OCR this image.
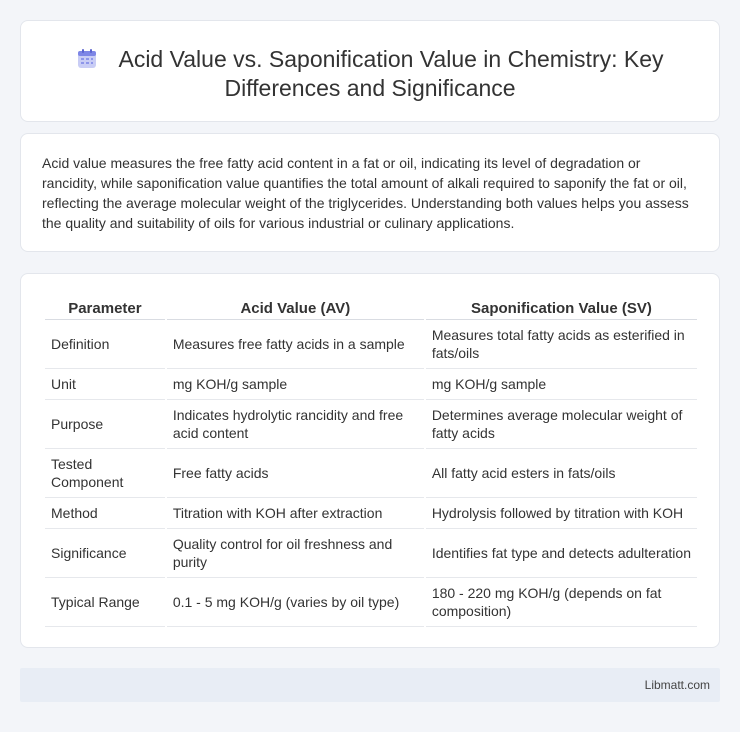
Acid Value vs. Saponification Value in Chemistry: Key Differences and Significance

Acid value measures the free fatty acid content in a fat or oil, indicating its level of degradation or rancidity, while saponification value quantifies the total amount of alkali required to saponify the fat or oil, reflecting the average molecular weight of the triglycerides. Understanding both values helps you assess the quality and suitability of oils for various industrial or culinary applications.

Parameter	Acid Value (AV)	Saponification Value (SV)
Definition	Measures free fatty acids in a sample	Measures total fatty acids as esterified in fats/oils
Unit	mg KOH/g sample	mg KOH/g sample
Purpose	Indicates hydrolytic rancidity and free acid content	Determines average molecular weight of fatty acids
Tested Component	Free fatty acids	All fatty acid esters in fats/oils
Method	Titration with KOH after extraction	Hydrolysis followed by titration with KOH
Significance	Quality control for oil freshness and purity	Identifies fat type and detects adulteration
Typical Range	0.1 - 5 mg KOH/g (varies by oil type)	180 - 220 mg KOH/g (depends on fat composition)
Libmatt.com
